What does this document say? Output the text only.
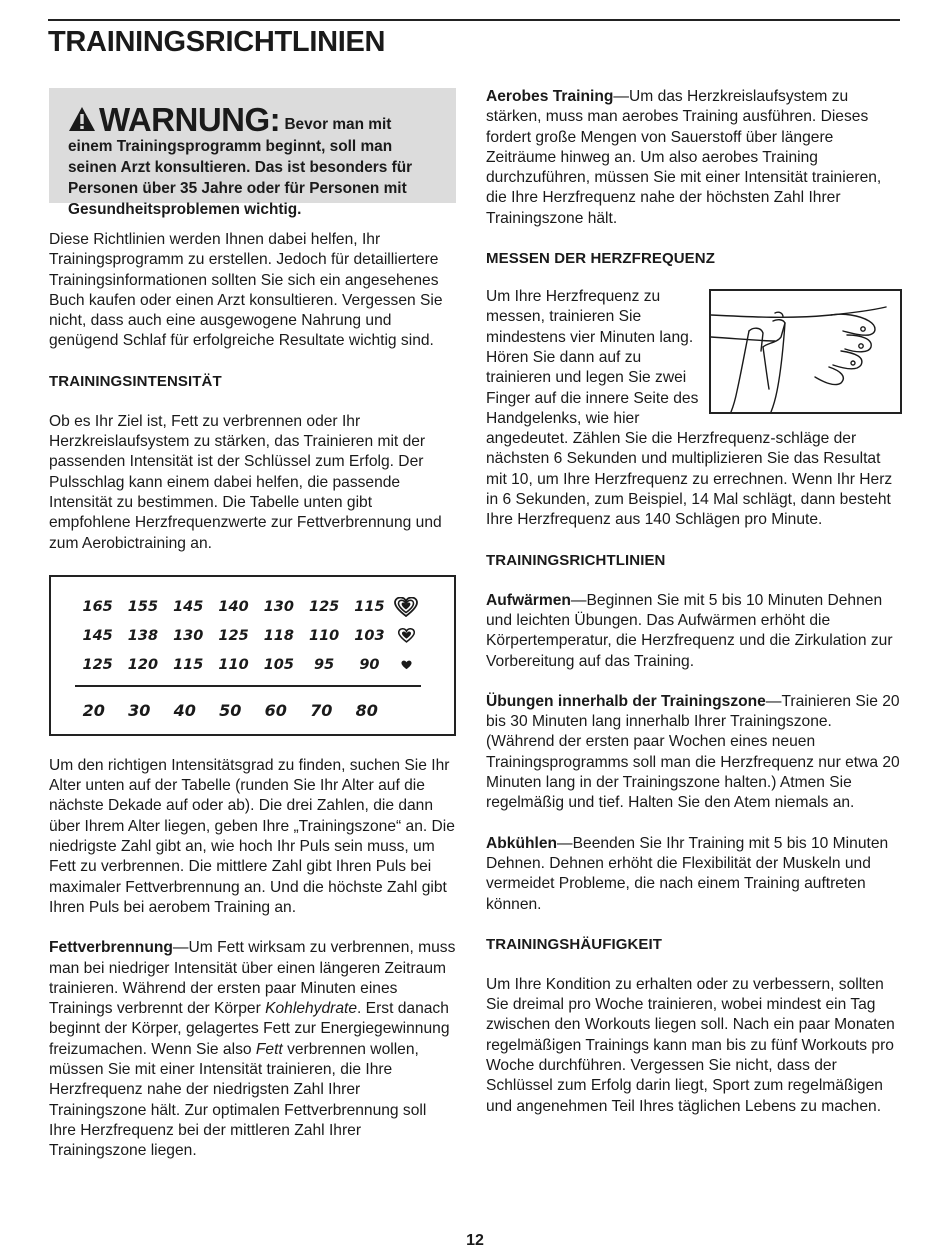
TRAININGSRICHTLINIEN
WARNUNG: Bevor man mit einem Trainingsprogramm beginnt, soll man seinen Arzt konsultieren. Das ist besonders für Personen über 35 Jahre oder für Personen mit Gesundheitsproblemen wichtig.

Diese Richtlinien werden Ihnen dabei helfen, Ihr Trainingsprogramm zu erstellen. Jedoch für detailliertere Trainingsinformationen sollten Sie sich ein angesehenes Buch kaufen oder einen Arzt konsultieren. Vergessen Sie nicht, dass auch eine ausgewogene Nahrung und genügend Schlaf für erfolgreiche Resultate wichtig sind.

TRAININGSINTENSITÄT

Ob es Ihr Ziel ist, Fett zu verbrennen oder Ihr Herzkreislaufsystem zu stärken, das Trainieren mit der passenden Intensität ist der Schlüssel zum Erfolg. Der Pulsschlag kann einem dabei helfen, die passende Intensität zu bestimmen. Die Tabelle unten gibt empfohlene Herzfrequenzwerte zur Fettverbrennung und zum Aerobictraining an.

165	155	145	140	130	125	115
145	138	130	125	118	110	103
125	120	115	110	105	95	90
20	30	40	50	60	70	80

Um den richtigen Intensitätsgrad zu finden, suchen Sie Ihr Alter unten auf der Tabelle (runden Sie Ihr Alter auf die nächste Dekade auf oder ab). Die drei Zahlen, die dann über Ihrem Alter liegen, geben Ihre „Trainingszone“ an. Die niedrigste Zahl gibt an, wie hoch Ihr Puls sein muss, um Fett zu verbrennen. Die mittlere Zahl gibt Ihren Puls bei maximaler Fettverbrennung an. Und die höchste Zahl gibt Ihren Puls bei aerobem Training an.

Fettverbrennung—Um Fett wirksam zu verbrennen, muss man bei niedriger Intensität über einen längeren Zeitraum trainieren. Während der ersten paar Minuten eines Trainings verbrennt der Körper Kohlehydrate. Erst danach beginnt der Körper, gelagertes Fett zur Energiegewinnung freizumachen. Wenn Sie also Fett verbrennen wollen, müssen Sie mit einer Intensität trainieren, die Ihre Herzfrequenz nahe der niedrigsten Zahl Ihrer Trainingszone hält. Zur optimalen Fettverbrennung soll Ihre Herzfrequenz bei der mittleren Zahl Ihrer Trainingszone liegen.

Aerobes Training—Um das Herzkreislaufsystem zu stärken, muss man aerobes Training ausführen. Dieses fordert große Mengen von Sauerstoff über längere Zeiträume hinweg an. Um also aerobes Training durchzuführen, müssen Sie mit einer Intensität trainieren, die Ihre Herzfrequenz nahe der höchsten Zahl Ihrer Trainingszone hält.

MESSEN DER HERZFREQUENZ

Um Ihre Herzfrequenz zu messen, trainieren Sie mindestens vier Minuten lang. Hören Sie dann auf zu trainieren und legen Sie zwei Finger auf die innere Seite des Handgelenks, wie hier angedeutet. Zählen Sie die Herzfrequenz-schläge der nächsten 6 Sekunden und multiplizieren Sie das Resultat mit 10, um Ihre Herzfrequenz zu errechnen. Wenn Ihr Herz in 6 Sekunden, zum Beispiel, 14 Mal schlägt, dann besteht Ihre Herzfrequenz aus 140 Schlägen pro Minute.

TRAININGSRICHTLINIEN

Aufwärmen—Beginnen Sie mit 5 bis 10 Minuten Dehnen und leichten Übungen. Das Aufwärmen erhöht die Körpertemperatur, die Herzfrequenz und die Zirkulation zur Vorbereitung auf das Training.

Übungen innerhalb der Trainingszone—Trainieren Sie 20 bis 30 Minuten lang innerhalb Ihrer Trainingszone. (Während der ersten paar Wochen eines neuen Trainingsprogramms soll man die Herzfrequenz nur etwa 20 Minuten lang in der Trainingszone halten.) Atmen Sie regelmäßig und tief. Halten Sie den Atem niemals an.

Abkühlen—Beenden Sie Ihr Training mit 5 bis 10 Minuten Dehnen. Dehnen erhöht die Flexibilität der Muskeln und vermeidet Probleme, die nach einem Training auftreten können.

TRAININGSHÄUFIGKEIT

Um Ihre Kondition zu erhalten oder zu verbessern, sollten Sie dreimal pro Woche trainieren, wobei mindest ein Tag zwischen den Workouts liegen soll. Nach ein paar Monaten regelmäßigen Trainings kann man bis zu fünf Workouts pro Woche durchführen. Vergessen Sie nicht, dass der Schlüssel zum Erfolg darin liegt, Sport zum regelmäßigen und angenehmen Teil Ihres täglichen Lebens zu machen.

12
